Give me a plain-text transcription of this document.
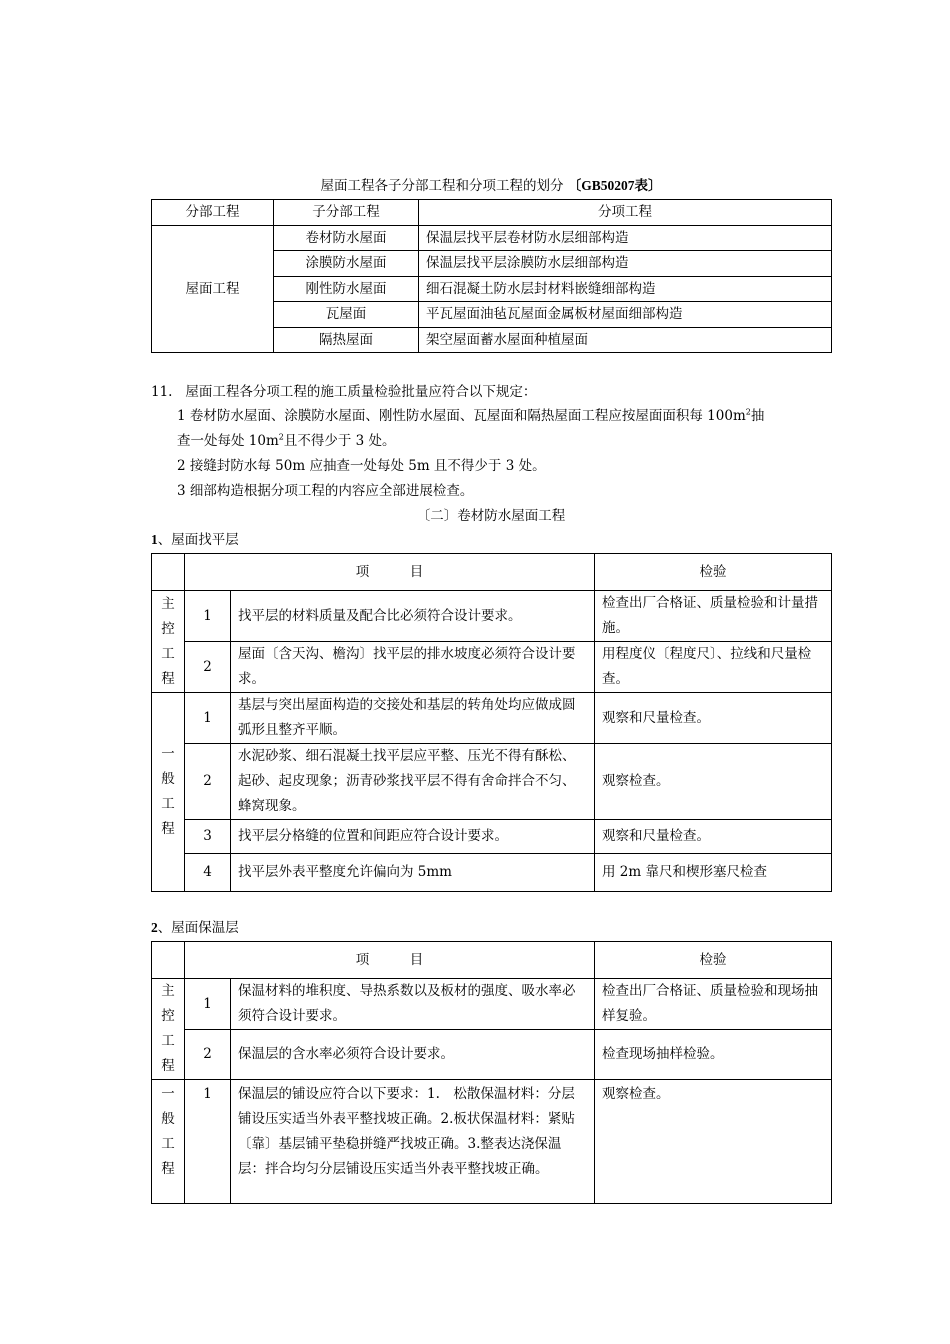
屋面工程各子分部工程和分项工程的划分 〔GB50207表〕
分部工程	子分部工程	分项工程
屋面工程	卷材防水屋面	保温层找平层卷材防水层细部构造
	涂膜防水屋面	保温层找平层涂膜防水层细部构造
	刚性防水屋面	细石混凝土防水层封材料嵌缝细部构造
	瓦屋面	平瓦屋面油毡瓦屋面金属板材屋面细部构造
	隔热屋面	架空屋面蓄水屋面种植屋面
11. 屋面工程各分项工程的施工质量检验批量应符合以下规定：
1 卷材防水屋面、涂膜防水屋面、刚性防水屋面、瓦屋面和隔热屋面工程应按屋面面积每 $100m^2$抽
查一处每处 $10m^2$且不得少于 3 处。
2 接缝封防水每 50m 应抽查一处每处 5m 且不得少于 3 处。
3 细部构造根据分项工程的内容应全部进展检查。
〔二〕卷材防水屋面工程
1、屋面找平层
	项　　　目		检验
主
控
工
程	1	找平层的材料质量及配合比必须符合设计要求。	检查出厂合格证、质量检验和计量措施。
	2	屋面〔含天沟、檐沟〕找平层的排水坡度必须符合设计要求。	用程度仪〔程度尺〕、拉线和尺量检查。
一
般
工
程	1	基层与突出屋面构造的交接处和基层的转角处均应做成圆弧形且整齐平顺。	观察和尺量检查。
	2	水泥砂浆、细石混凝土找平层应平整、压光不得有酥松、起砂、起皮现象；沥青砂浆找平层不得有舍命拌合不匀、蜂窝现象。	观察检查。
	3	找平层分格缝的位置和间距应符合设计要求。	观察和尺量检查。
	4	找平层外表平整度允许偏向为 5mm	用 2m 靠尺和楔形塞尺检查
2、屋面保温层
	项　　　目		检验
主
控
工
程	1	保温材料的堆积度、导热系数以及板材的强度、吸水率必须符合设计要求。	检查出厂合格证、质量检验和现场抽样复验。
	2	保温层的含水率必须符合设计要求。	检查现场抽样检验。
一
般
工
程	1	保温层的铺设应符合以下要求：1.　松散保温材料：分层铺设压实适当外表平整找坡正确。2.板状保温材料：紧贴〔靠〕基层铺平垫稳拼缝严找坡正确。3.整表达浇保温层：拌合均匀分层铺设压实适当外表平整找坡正确。	观察检查。
